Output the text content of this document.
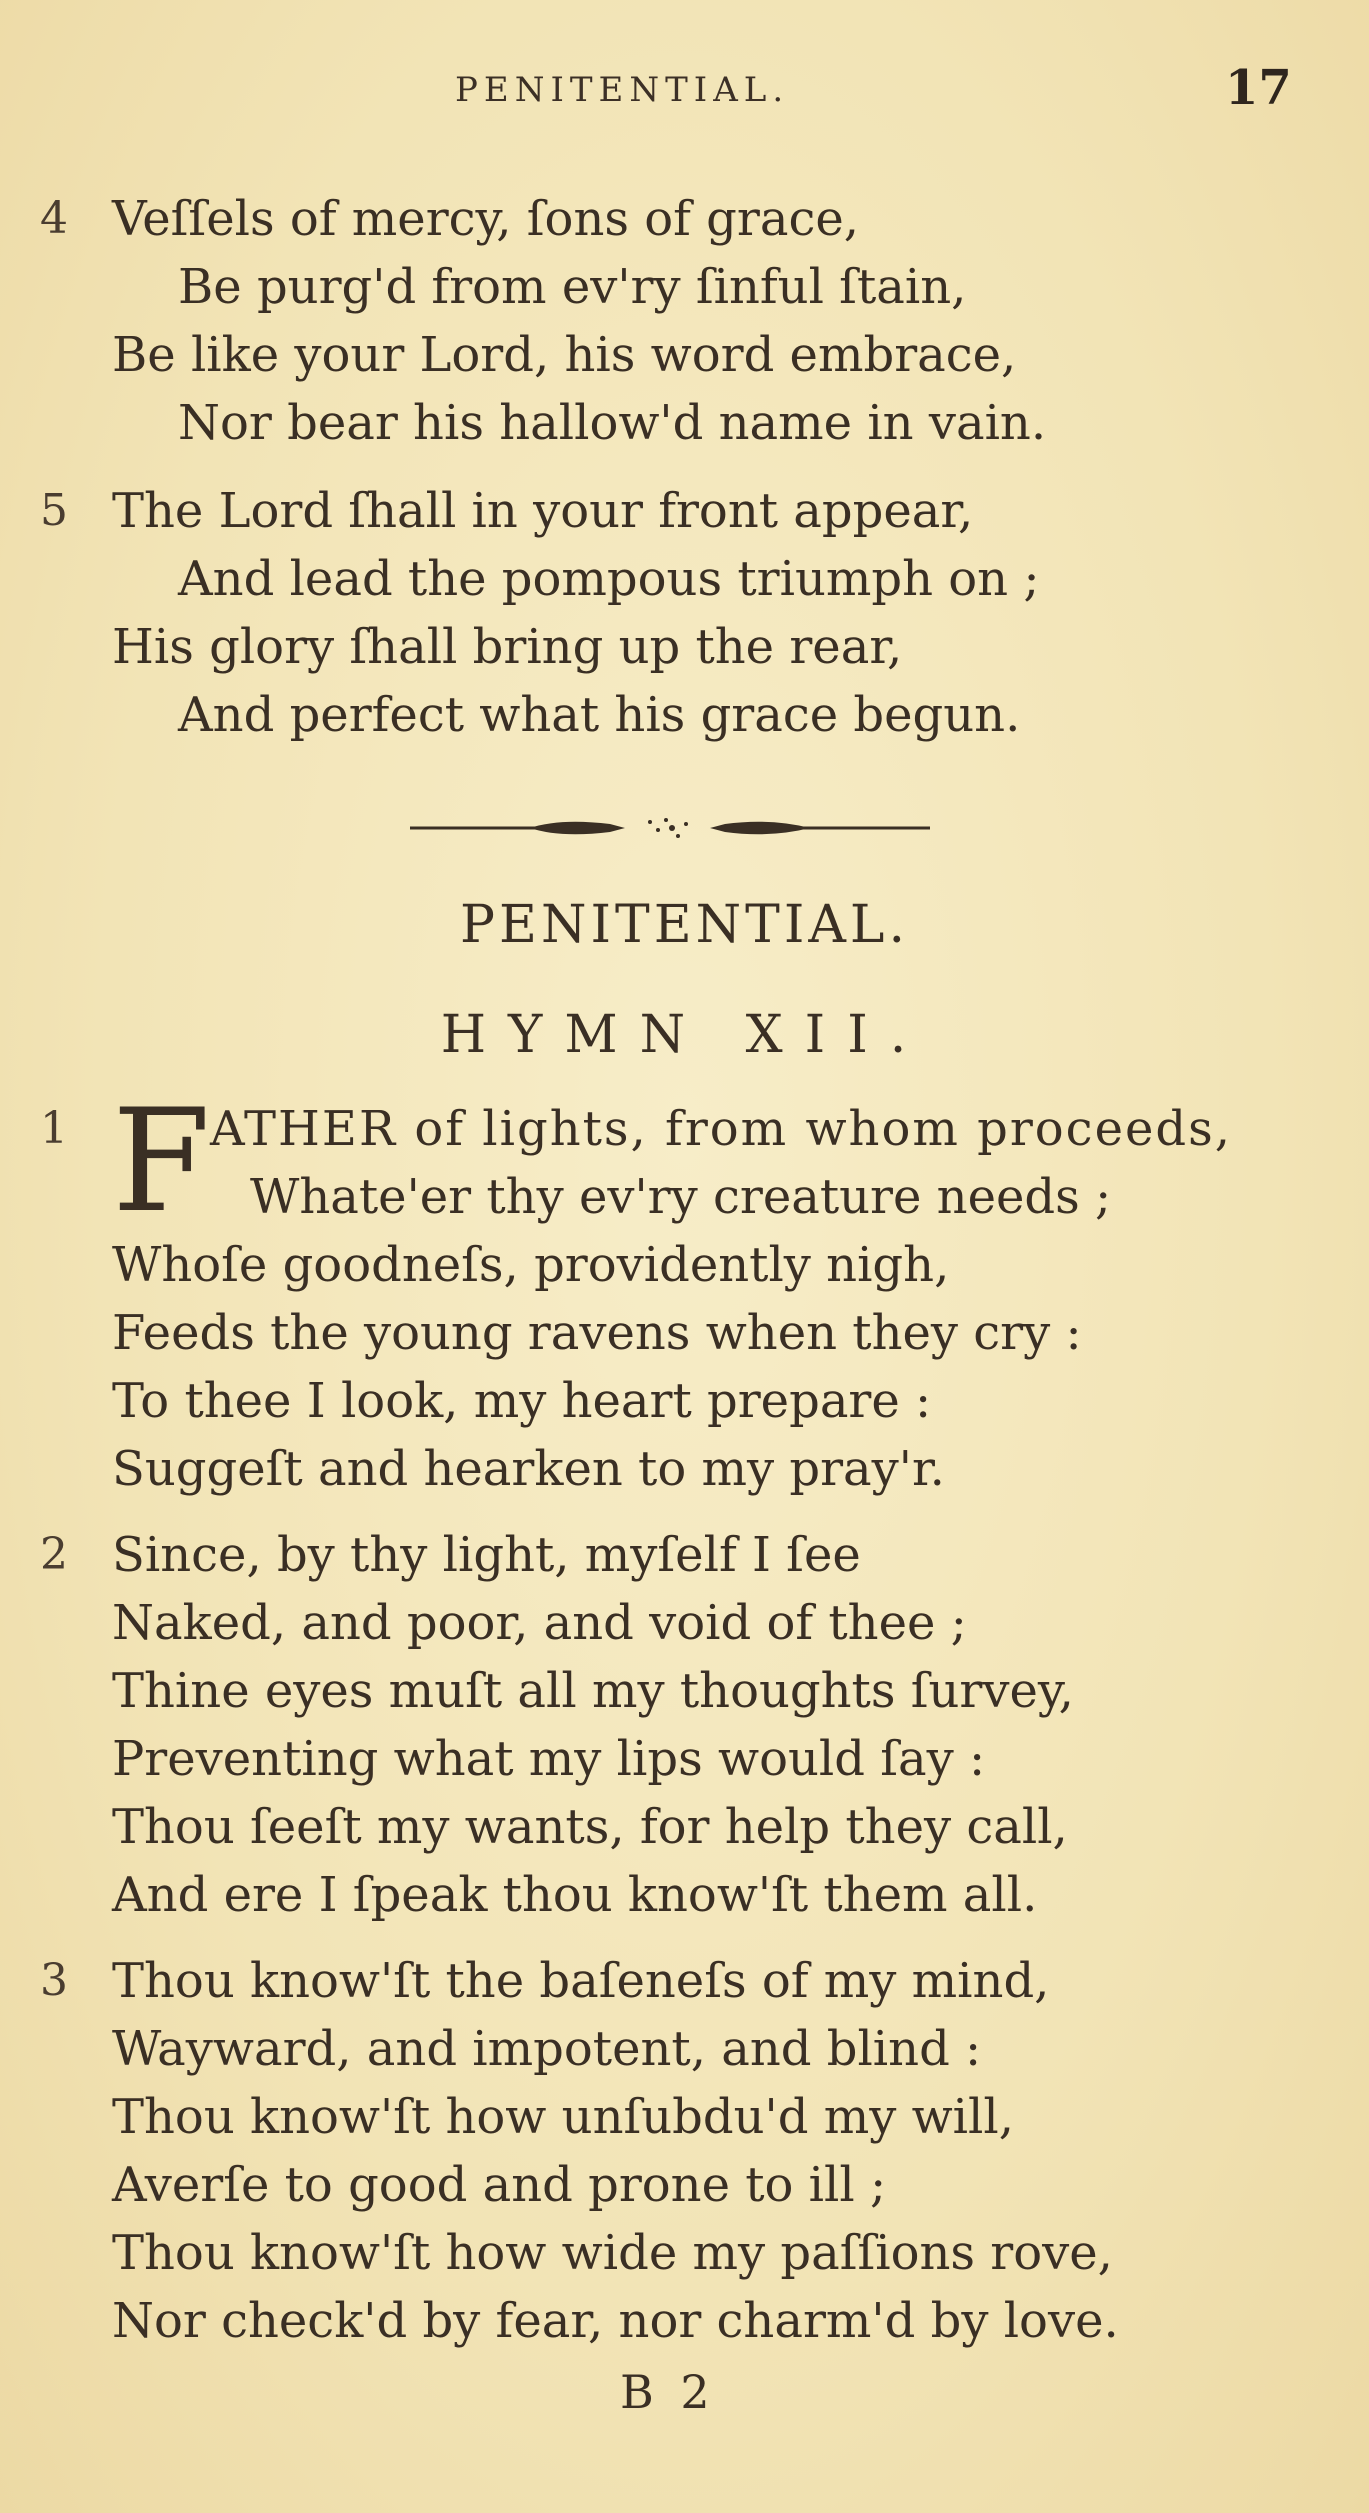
PENITENTIAL.	17
4 Veſſels of mercy, ſons of grace,
Be purg'd from ev'ry ſinful ſtain,
Be like your Lord, his word embrace,
Nor bear his hallow'd name in vain.
5 The Lord ſhall in your front appear,
And lead the pompous triumph on ;
His glory ſhall bring up the rear,
And perfect what his grace begun.
PENITENTIAL.
HYMN XII.
F
1	ATHER of lights, from whom proceeds,
Whate'er thy ev'ry creature needs ;
Whoſe goodneſs, providently nigh,
Feeds the young ravens when they cry :
To thee I look, my heart prepare :
Suggeſt and hearken to my pray'r.
2 Since, by thy light, myſelf I ſee
Naked, and poor, and void of thee ;
Thine eyes muſt all my thoughts ſurvey,
Preventing what my lips would ſay :
Thou ſeeſt my wants, for help they call,
And ere I ſpeak thou know'ſt them all.
3 Thou know'ſt the baſeneſs of my mind,
Wayward, and impotent, and blind :
Thou know'ſt how unſubdu'd my will,
Averſe to good and prone to ill ;
Thou know'ſt how wide my paſſions rove,
Nor check'd by fear, nor charm'd by love.
B 2
